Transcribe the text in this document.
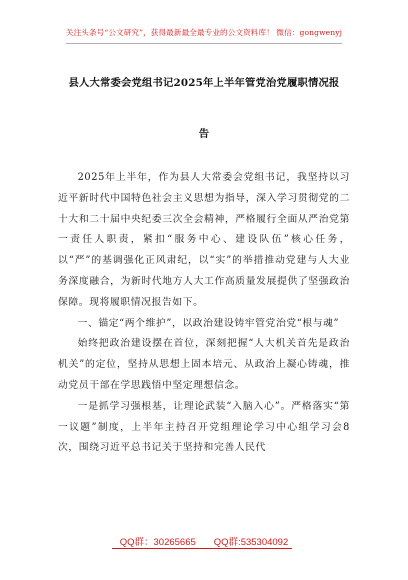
关注头条号“公文研究”，获得最新最全最专业的公文资料库！ 微信：gongwenyj
县人大常委会党组书记2025年上半年管党治党履职情况报
告

2025年上半年，作为县人大常委会党组书记，我坚持以习近平新时代中国特色社会主义思想为指导，深入学习贯彻党的二十大和二十届中央纪委三次全会精神，严格履行全面从严治党第一责任人职责，紧扣“服务中心、建设队伍”核心任务，以“严”的基调强化正风肃纪，以“实”的举措推动党建与人大业务深度融合，为新时代地方人大工作高质量发展提供了坚强政治保障。现将履职情况报告如下。

一、锚定“两个维护”，以政治建设铸牢管党治党“根与魂”

始终把政治建设摆在首位，深刻把握“人大机关首先是政治机关”的定位，坚持从思想上固本培元、从政治上凝心铸魂，推动党员干部在学思践悟中坚定理想信念。

一是抓学习强根基，让理论武装“入脑入心”。严格落实“第一议题”制度，上半年主持召开党组理论学习中心组学习会8次，围绕习近平总书记关于坚持和完善人民代

QQ群：30265665 QQ群:535304092
